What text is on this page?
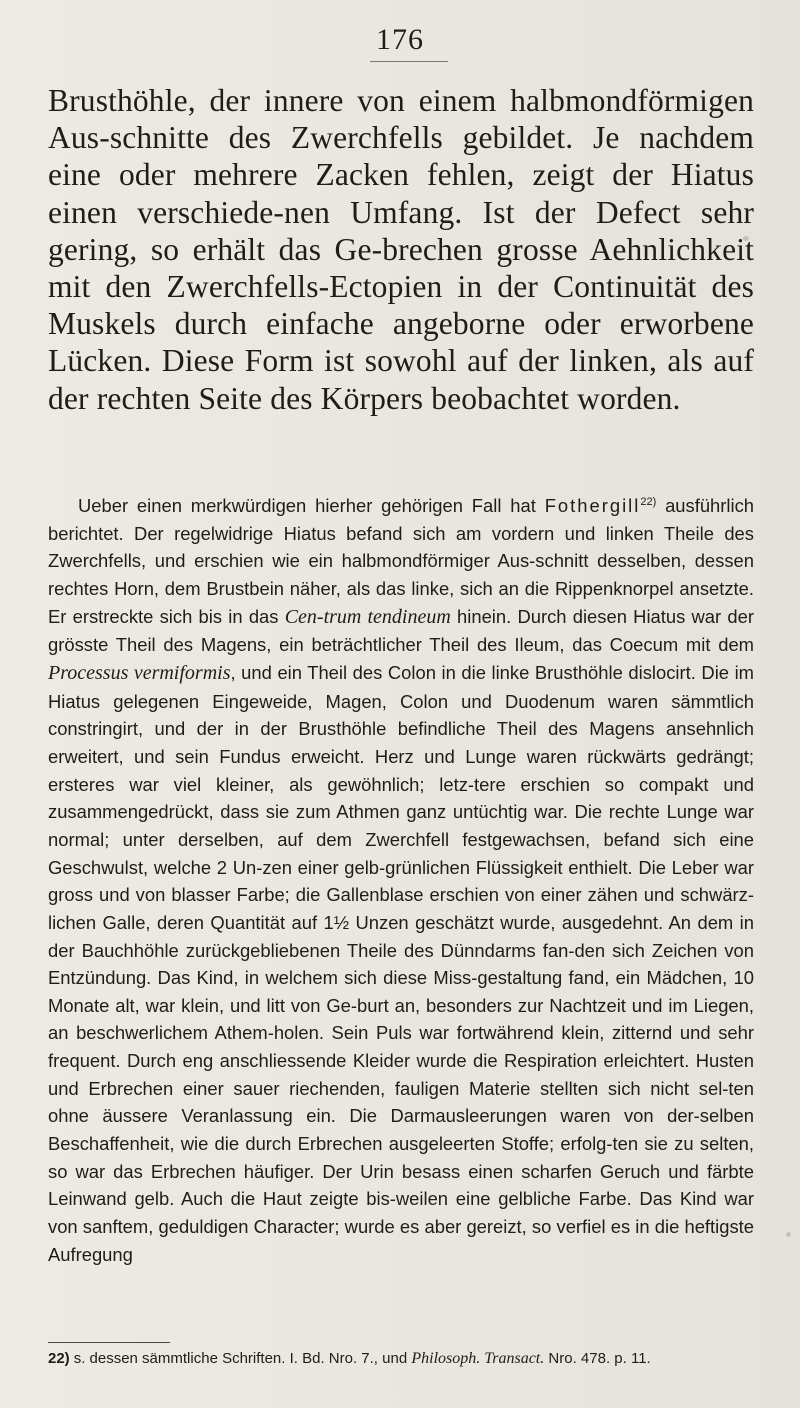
176

Brusthöhle, der innere von einem halbmondförmigen Aus-schnitte des Zwerchfells gebildet. Je nachdem eine oder mehrere Zacken fehlen, zeigt der Hiatus einen verschiede-nen Umfang. Ist der Defect sehr gering, so erhält das Ge-brechen grosse Aehnlichkeit mit den Zwerchfells-Ectopien in der Continuität des Muskels durch einfache angeborne oder erworbene Lücken. Diese Form ist sowohl auf der linken, als auf der rechten Seite des Körpers beobachtet worden.

Ueber einen merkwürdigen hierher gehörigen Fall hat Fothergill$^{22)}$ ausführlich berichtet. Der regelwidrige Hiatus befand sich am vordern und linken Theile des Zwerchfells, und erschien wie ein halbmondförmiger Aus-schnitt desselben, dessen rechtes Horn, dem Brustbein näher, als das linke, sich an die Rippenknorpel ansetzte. Er erstreckte sich bis in das Cen-trum tendineum hinein. Durch diesen Hiatus war der grösste Theil des Magens, ein beträchtlicher Theil des Ileum, das Coecum mit dem Processus vermiformis, und ein Theil des Colon in die linke Brusthöhle dislocirt. Die im Hiatus gelegenen Eingeweide, Magen, Colon und Duodenum waren sämmtlich constringirt, und der in der Brusthöhle befindliche Theil des Magens ansehnlich erweitert, und sein Fundus erweicht. Herz und Lunge waren rückwärts gedrängt; ersteres war viel kleiner, als gewöhnlich; letz-tere erschien so compakt und zusammengedrückt, dass sie zum Athmen ganz untüchtig war. Die rechte Lunge war normal; unter derselben, auf dem Zwerchfell festgewachsen, befand sich eine Geschwulst, welche 2 Un-zen einer gelb-grünlichen Flüssigkeit enthielt. Die Leber war gross und von blasser Farbe; die Gallenblase erschien von einer zähen und schwärz-lichen Galle, deren Quantität auf 1½ Unzen geschätzt wurde, ausgedehnt. An dem in der Bauchhöhle zurückgebliebenen Theile des Dünndarms fan-den sich Zeichen von Entzündung. Das Kind, in welchem sich diese Miss-gestaltung fand, ein Mädchen, 10 Monate alt, war klein, und litt von Ge-burt an, besonders zur Nachtzeit und im Liegen, an beschwerlichem Athem-holen. Sein Puls war fortwährend klein, zitternd und sehr frequent. Durch eng anschliessende Kleider wurde die Respiration erleichtert. Husten und Erbrechen einer sauer riechenden, fauligen Materie stellten sich nicht sel-ten ohne äussere Veranlassung ein. Die Darmausleerungen waren von der-selben Beschaffenheit, wie die durch Erbrechen ausgeleerten Stoffe; erfolg-ten sie zu selten, so war das Erbrechen häufiger. Der Urin besass einen scharfen Geruch und färbte Leinwand gelb. Auch die Haut zeigte bis-weilen eine gelbliche Farbe. Das Kind war von sanftem, geduldigen Character; wurde es aber gereizt, so verfiel es in die heftigste Aufregung

22) s. dessen sämmtliche Schriften. I. Bd. Nro. 7., und Philosoph. Transact. Nro. 478. p. 11.
